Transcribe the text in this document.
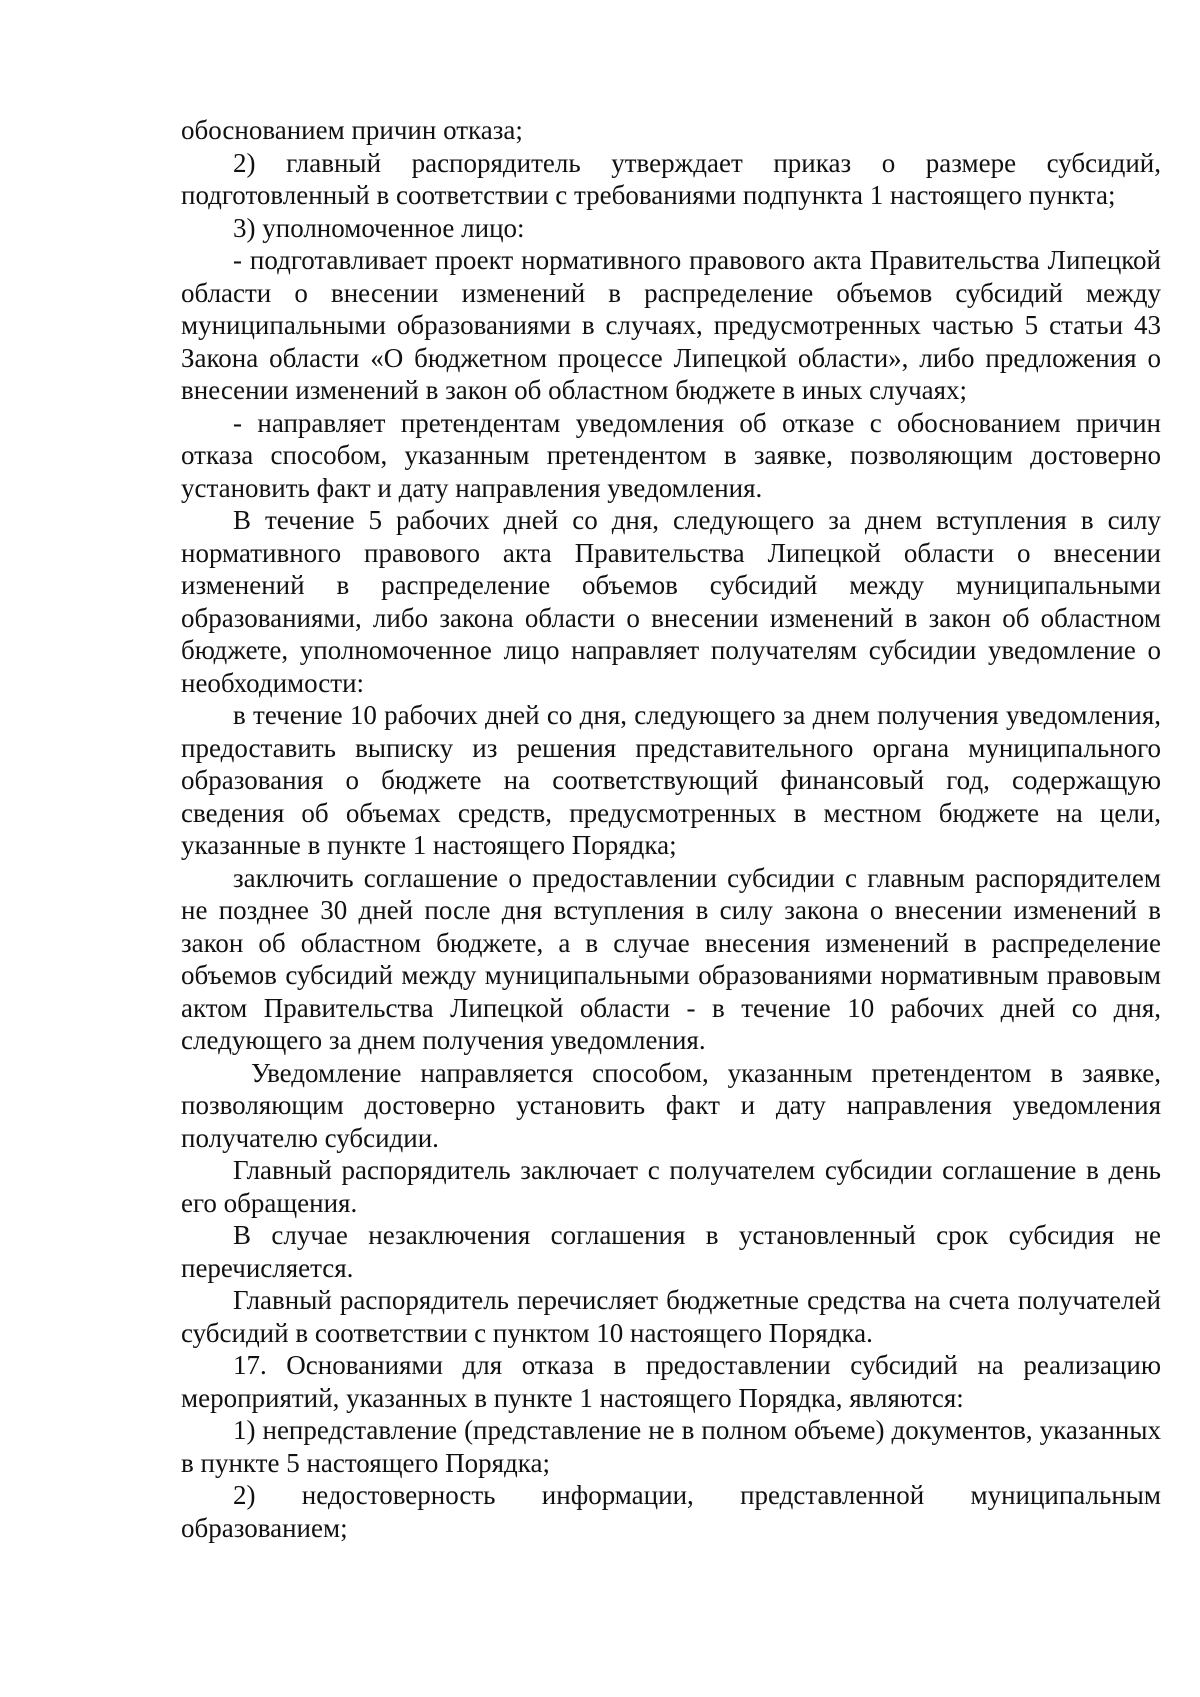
обоснованием причин отказа;

2) главный распорядитель утверждает приказ о размере субсидий, подготовленный в соответствии с требованиями подпункта 1 настоящего пункта;

3) уполномоченное лицо:

- подготавливает проект нормативного правового акта Правительства Липецкой области о внесении изменений в распределение объемов субсидий между муниципальными образованиями в случаях, предусмотренных частью 5 статьи 43 Закона области «О бюджетном процессе Липецкой области», либо предложения о внесении изменений в закон об областном бюджете в иных случаях;

- направляет претендентам уведомления об отказе с обоснованием причин отказа способом, указанным претендентом в заявке, позволяющим достоверно установить факт и дату направления уведомления.

В течение 5 рабочих дней со дня, следующего за днем вступления в силу нормативного правового акта Правительства Липецкой области о внесении изменений в распределение объемов субсидий между муниципальными образованиями, либо закона области о внесении изменений в закон об областном бюджете, уполномоченное лицо направляет получателям субсидии уведомление о необходимости:

в течение 10 рабочих дней со дня, следующего за днем получения уведомления, предоставить выписку из решения представительного органа муниципального образования о бюджете на соответствующий финансовый год, содержащую сведения об объемах средств, предусмотренных в местном бюджете на цели, указанные в пункте 1 настоящего Порядка;

заключить соглашение о предоставлении субсидии с главным распорядителем не позднее 30 дней после дня вступления в силу закона о внесении изменений в закон об областном бюджете, а в случае внесения изменений в распределение объемов субсидий между муниципальными образованиями нормативным правовым актом Правительства Липецкой области - в течение 10 рабочих дней со дня, следующего за днем получения уведомления.

Уведомление направляется способом, указанным претендентом в заявке, позволяющим достоверно установить факт и дату направления уведомления получателю субсидии.

Главный распорядитель заключает с получателем субсидии соглашение в день его обращения.

В случае незаключения соглашения в установленный срок субсидия не перечисляется.

Главный распорядитель перечисляет бюджетные средства на счета получателей субсидий в соответствии с пунктом 10 настоящего Порядка.

17. Основаниями для отказа в предоставлении субсидий на реализацию мероприятий, указанных в пункте 1 настоящего Порядка, являются:

1) непредставление (представление не в полном объеме) документов, указанных в пункте 5 настоящего Порядка;

2) недостоверность информации, представленной муниципальным образованием;
